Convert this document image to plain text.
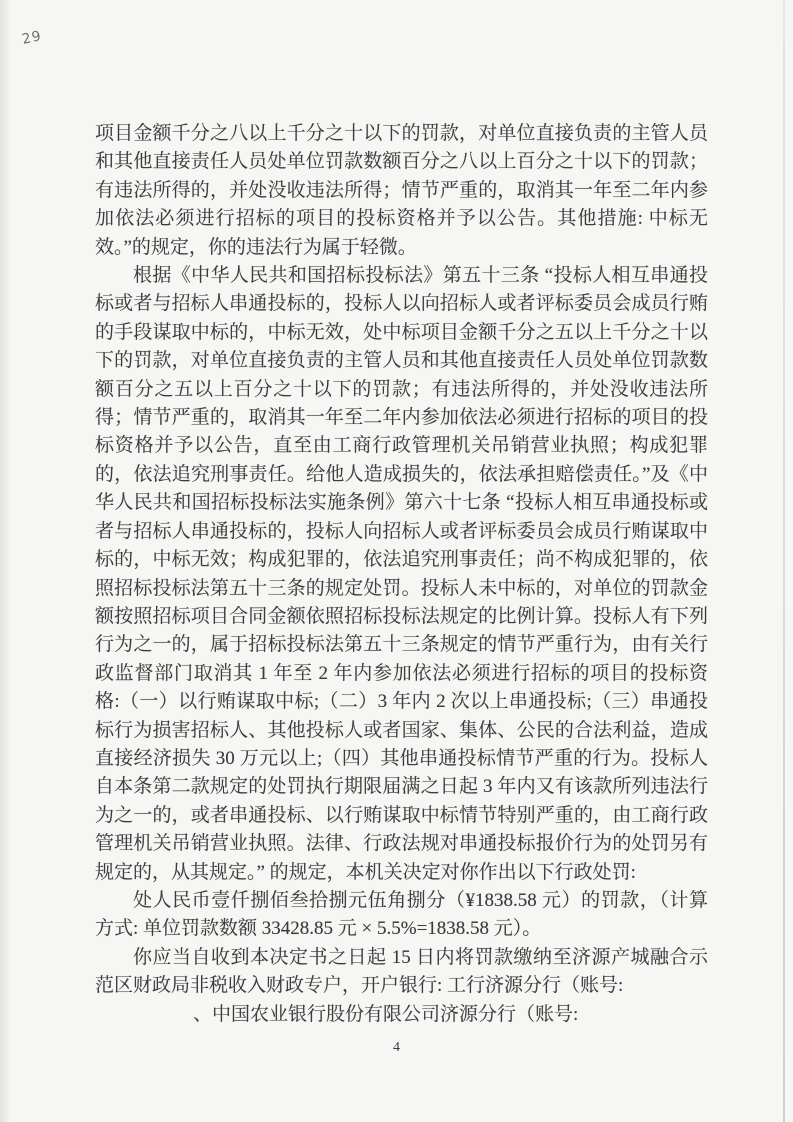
29

项目金额千分之八以上千分之十以下的罚款，对单位直接负责的主管人员和其他直接责任人员处单位罚款数额百分之八以上百分之十以下的罚款；有违法所得的，并处没收违法所得；情节严重的，取消其一年至二年内参加依法必须进行招标的项目的投标资格并予以公告。其他措施: 中标无效。”的规定，你的违法行为属于轻微。

根据《中华人民共和国招标投标法》第五十三条 “投标人相互串通投标或者与招标人串通投标的，投标人以向招标人或者评标委员会成员行贿的手段谋取中标的，中标无效，处中标项目金额千分之五以上千分之十以下的罚款，对单位直接负责的主管人员和其他直接责任人员处单位罚款数额百分之五以上百分之十以下的罚款；有违法所得的，并处没收违法所得；情节严重的，取消其一年至二年内参加依法必须进行招标的项目的投标资格并予以公告，直至由工商行政管理机关吊销营业执照；构成犯罪的，依法追究刑事责任。给他人造成损失的，依法承担赔偿责任。”及《中华人民共和国招标投标法实施条例》第六十七条 “投标人相互串通投标或者与招标人串通投标的，投标人向招标人或者评标委员会成员行贿谋取中标的，中标无效；构成犯罪的，依法追究刑事责任；尚不构成犯罪的，依照招标投标法第五十三条的规定处罚。投标人未中标的，对单位的罚款金额按照招标项目合同金额依照招标投标法规定的比例计算。投标人有下列行为之一的，属于招标投标法第五十三条规定的情节严重行为，由有关行政监督部门取消其 1 年至 2 年内参加依法必须进行招标的项目的投标资格:（一）以行贿谋取中标;（二）3 年内 2 次以上串通投标;（三）串通投标行为损害招标人、其他投标人或者国家、集体、公民的合法利益，造成直接经济损失 30 万元以上;（四）其他串通投标情节严重的行为。投标人自本条第二款规定的处罚执行期限届满之日起 3 年内又有该款所列违法行为之一的，或者串通投标、以行贿谋取中标情节特别严重的，由工商行政管理机关吊销营业执照。法律、行政法规对串通投标报价行为的处罚另有规定的，从其规定。” 的规定，本机关决定对你作出以下行政处罚:

处人民币壹仟捌佰叁拾捌元伍角捌分（¥1838.58 元）的罚款，（计算方式: 单位罚款数额 33428.85 元 × 5.5%=1838.58 元）。

你应当自收到本决定书之日起 15 日内将罚款缴纳至济源产城融合示范区财政局非税收入财政专户，开户银行: 工行济源分行（账号:

、中国农业银行股份有限公司济源分行（账号:

4
